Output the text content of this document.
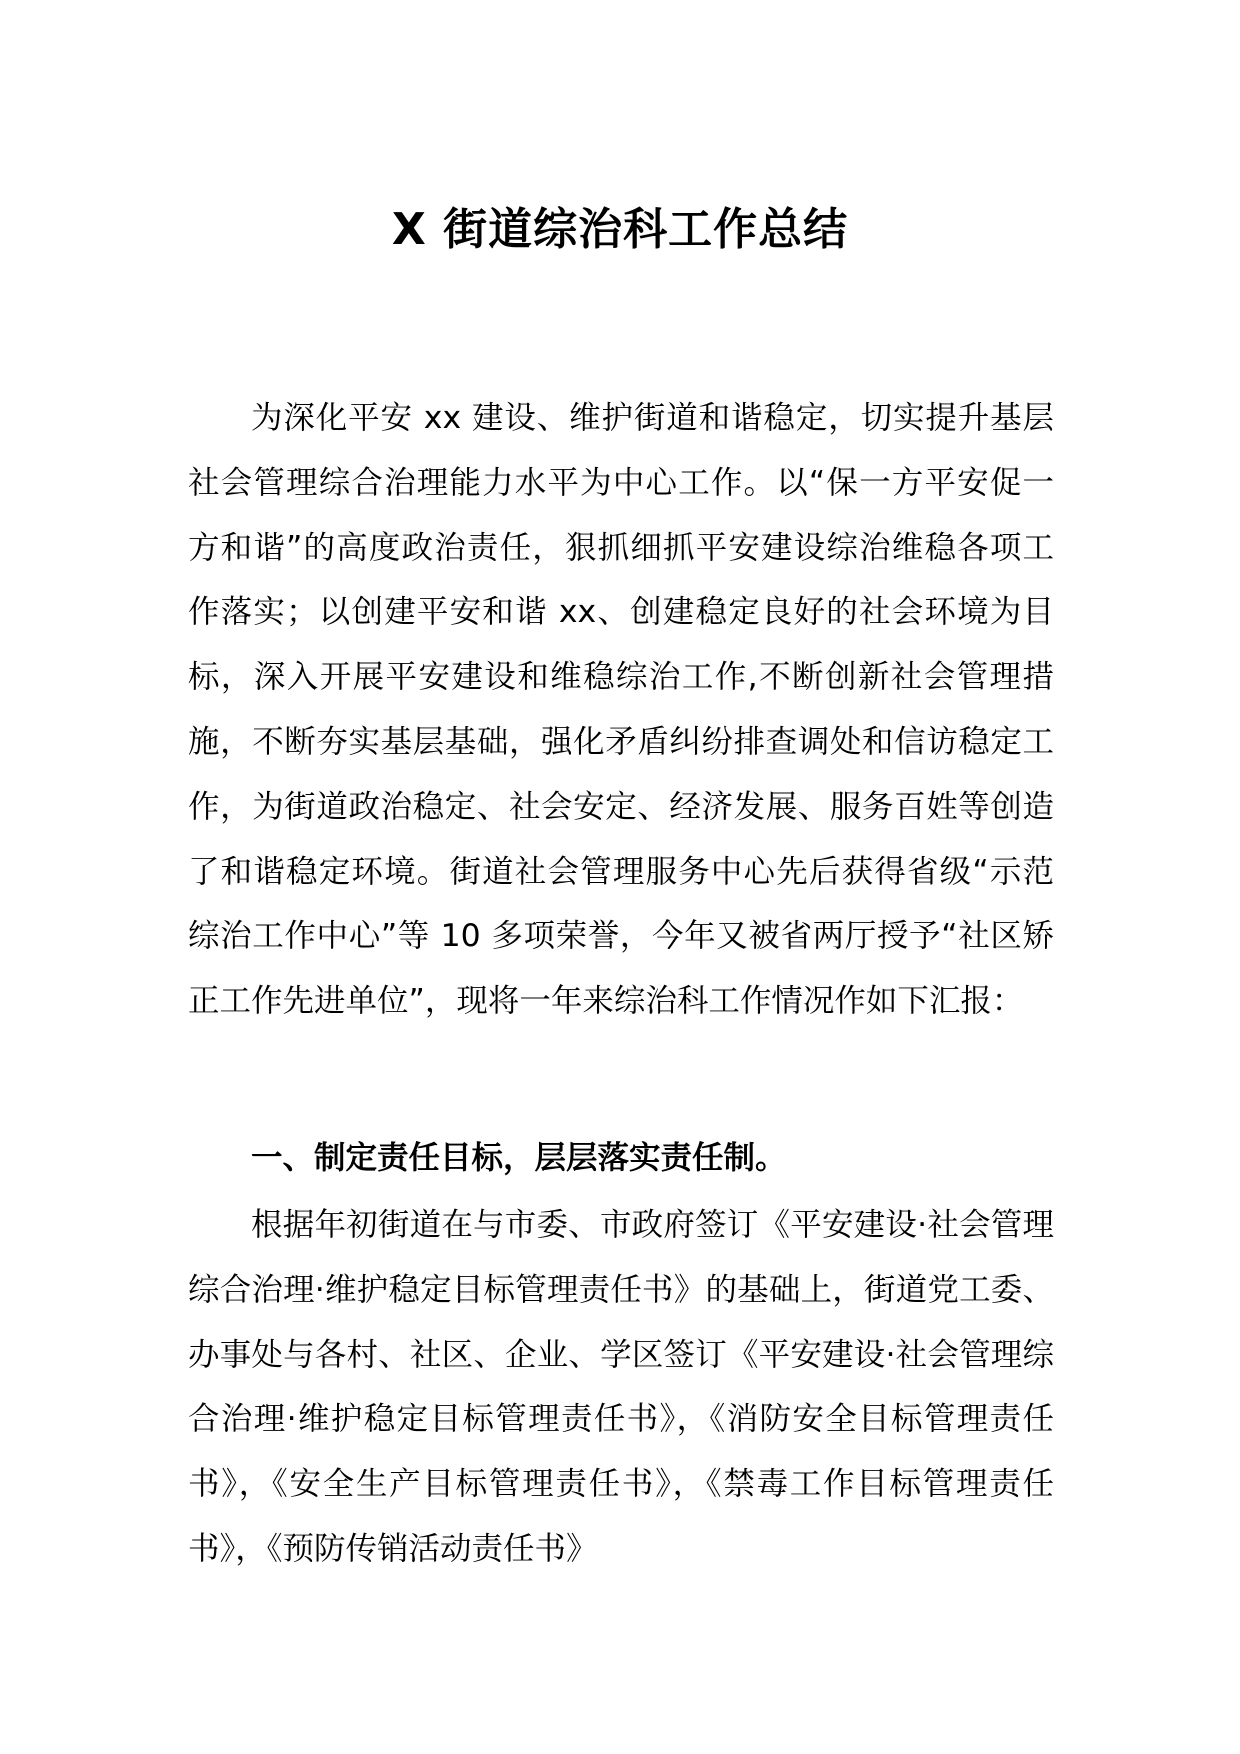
X 街道综治科工作总结

为深化平安 xx 建设、维护街道和谐稳定，切实提升基层社会管理综合治理能力水平为中心工作。以“保一方平安促一方和谐”的高度政治责任，狠抓细抓平安建设综治维稳各项工作落实；以创建平安和谐 xx、创建稳定良好的社会环境为目标，深入开展平安建设和维稳综治工作,不断创新社会管理措施，不断夯实基层基础，强化矛盾纠纷排查调处和信访稳定工作，为街道政治稳定、社会安定、经济发展、服务百姓等创造了和谐稳定环境。街道社会管理服务中心先后获得省级“示范综治工作中心”等 10 多项荣誉，今年又被省两厅授予“社区矫正工作先进单位”，现将一年来综治科工作情况作如下汇报：

一、制定责任目标，层层落实责任制。

根据年初街道在与市委、市政府签订《平安建设·社会管理综合治理·维护稳定目标管理责任书》的基础上，街道党工委、办事处与各村、社区、企业、学区签订《平安建设·社会管理综合治理·维护稳定目标管理责任书》，《消防安全目标管理责任书》，《安全生产目标管理责任书》，《禁毒工作目标管理责任书》，《预防传销活动责任书》
